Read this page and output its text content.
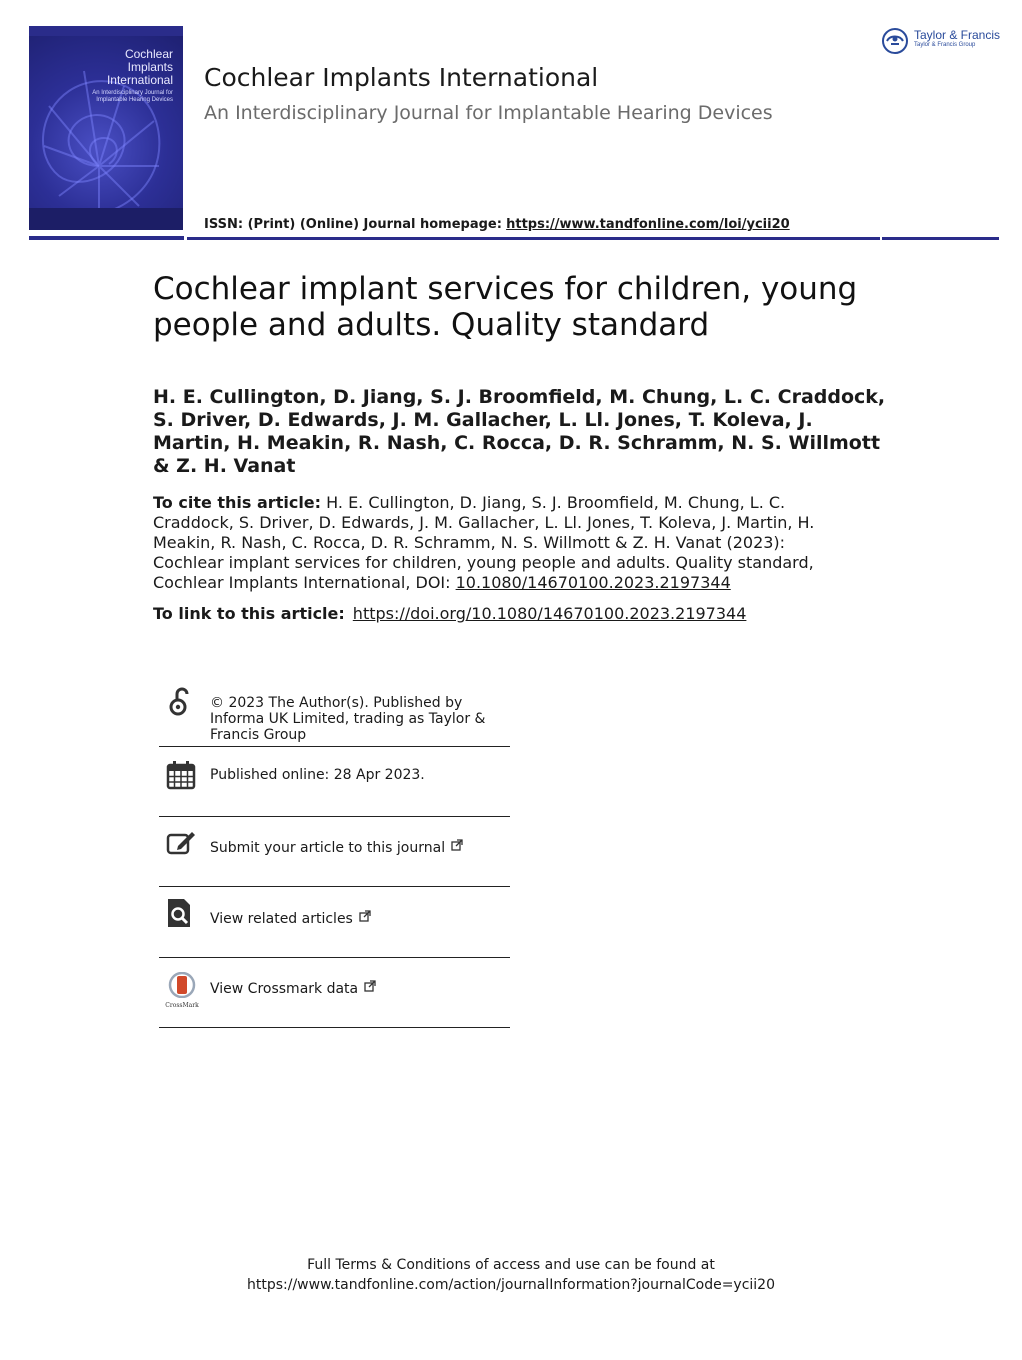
Cochlear Implants International
An Interdisciplinary Journal for Implantable Hearing Devices
Cochlear Implants International
An Interdisciplinary Journal for Implantable Hearing Devices
ISSN: (Print) (Online) Journal homepage: https://www.tandfonline.com/loi/ycii20
Taylor & Francis
Taylor & Francis Group
Cochlear implant services for children, young people and adults. Quality standard
H. E. Cullington, D. Jiang, S. J. Broomfield, M. Chung, L. C. Craddock, S. Driver, D. Edwards, J. M. Gallacher, L. Ll. Jones, T. Koleva, J. Martin, H. Meakin, R. Nash, C. Rocca, D. R. Schramm, N. S. Willmott & Z. H. Vanat
To cite this article: H. E. Cullington, D. Jiang, S. J. Broomfield, M. Chung, L. C. Craddock, S. Driver, D. Edwards, J. M. Gallacher, L. Ll. Jones, T. Koleva, J. Martin, H. Meakin, R. Nash, C. Rocca, D. R. Schramm, N. S. Willmott & Z. H. Vanat (2023): Cochlear implant services for children, young people and adults. Quality standard, Cochlear Implants International, DOI: 10.1080/14670100.2023.2197344
To link to this article: https://doi.org/10.1080/14670100.2023.2197344
© 2023 The Author(s). Published by Informa UK Limited, trading as Taylor & Francis Group
Published online: 28 Apr 2023.
Submit your article to this journal
View related articles
CrossMark
View Crossmark data
Full Terms & Conditions of access and use can be found at
https://www.tandfonline.com/action/journalInformation?journalCode=ycii20
